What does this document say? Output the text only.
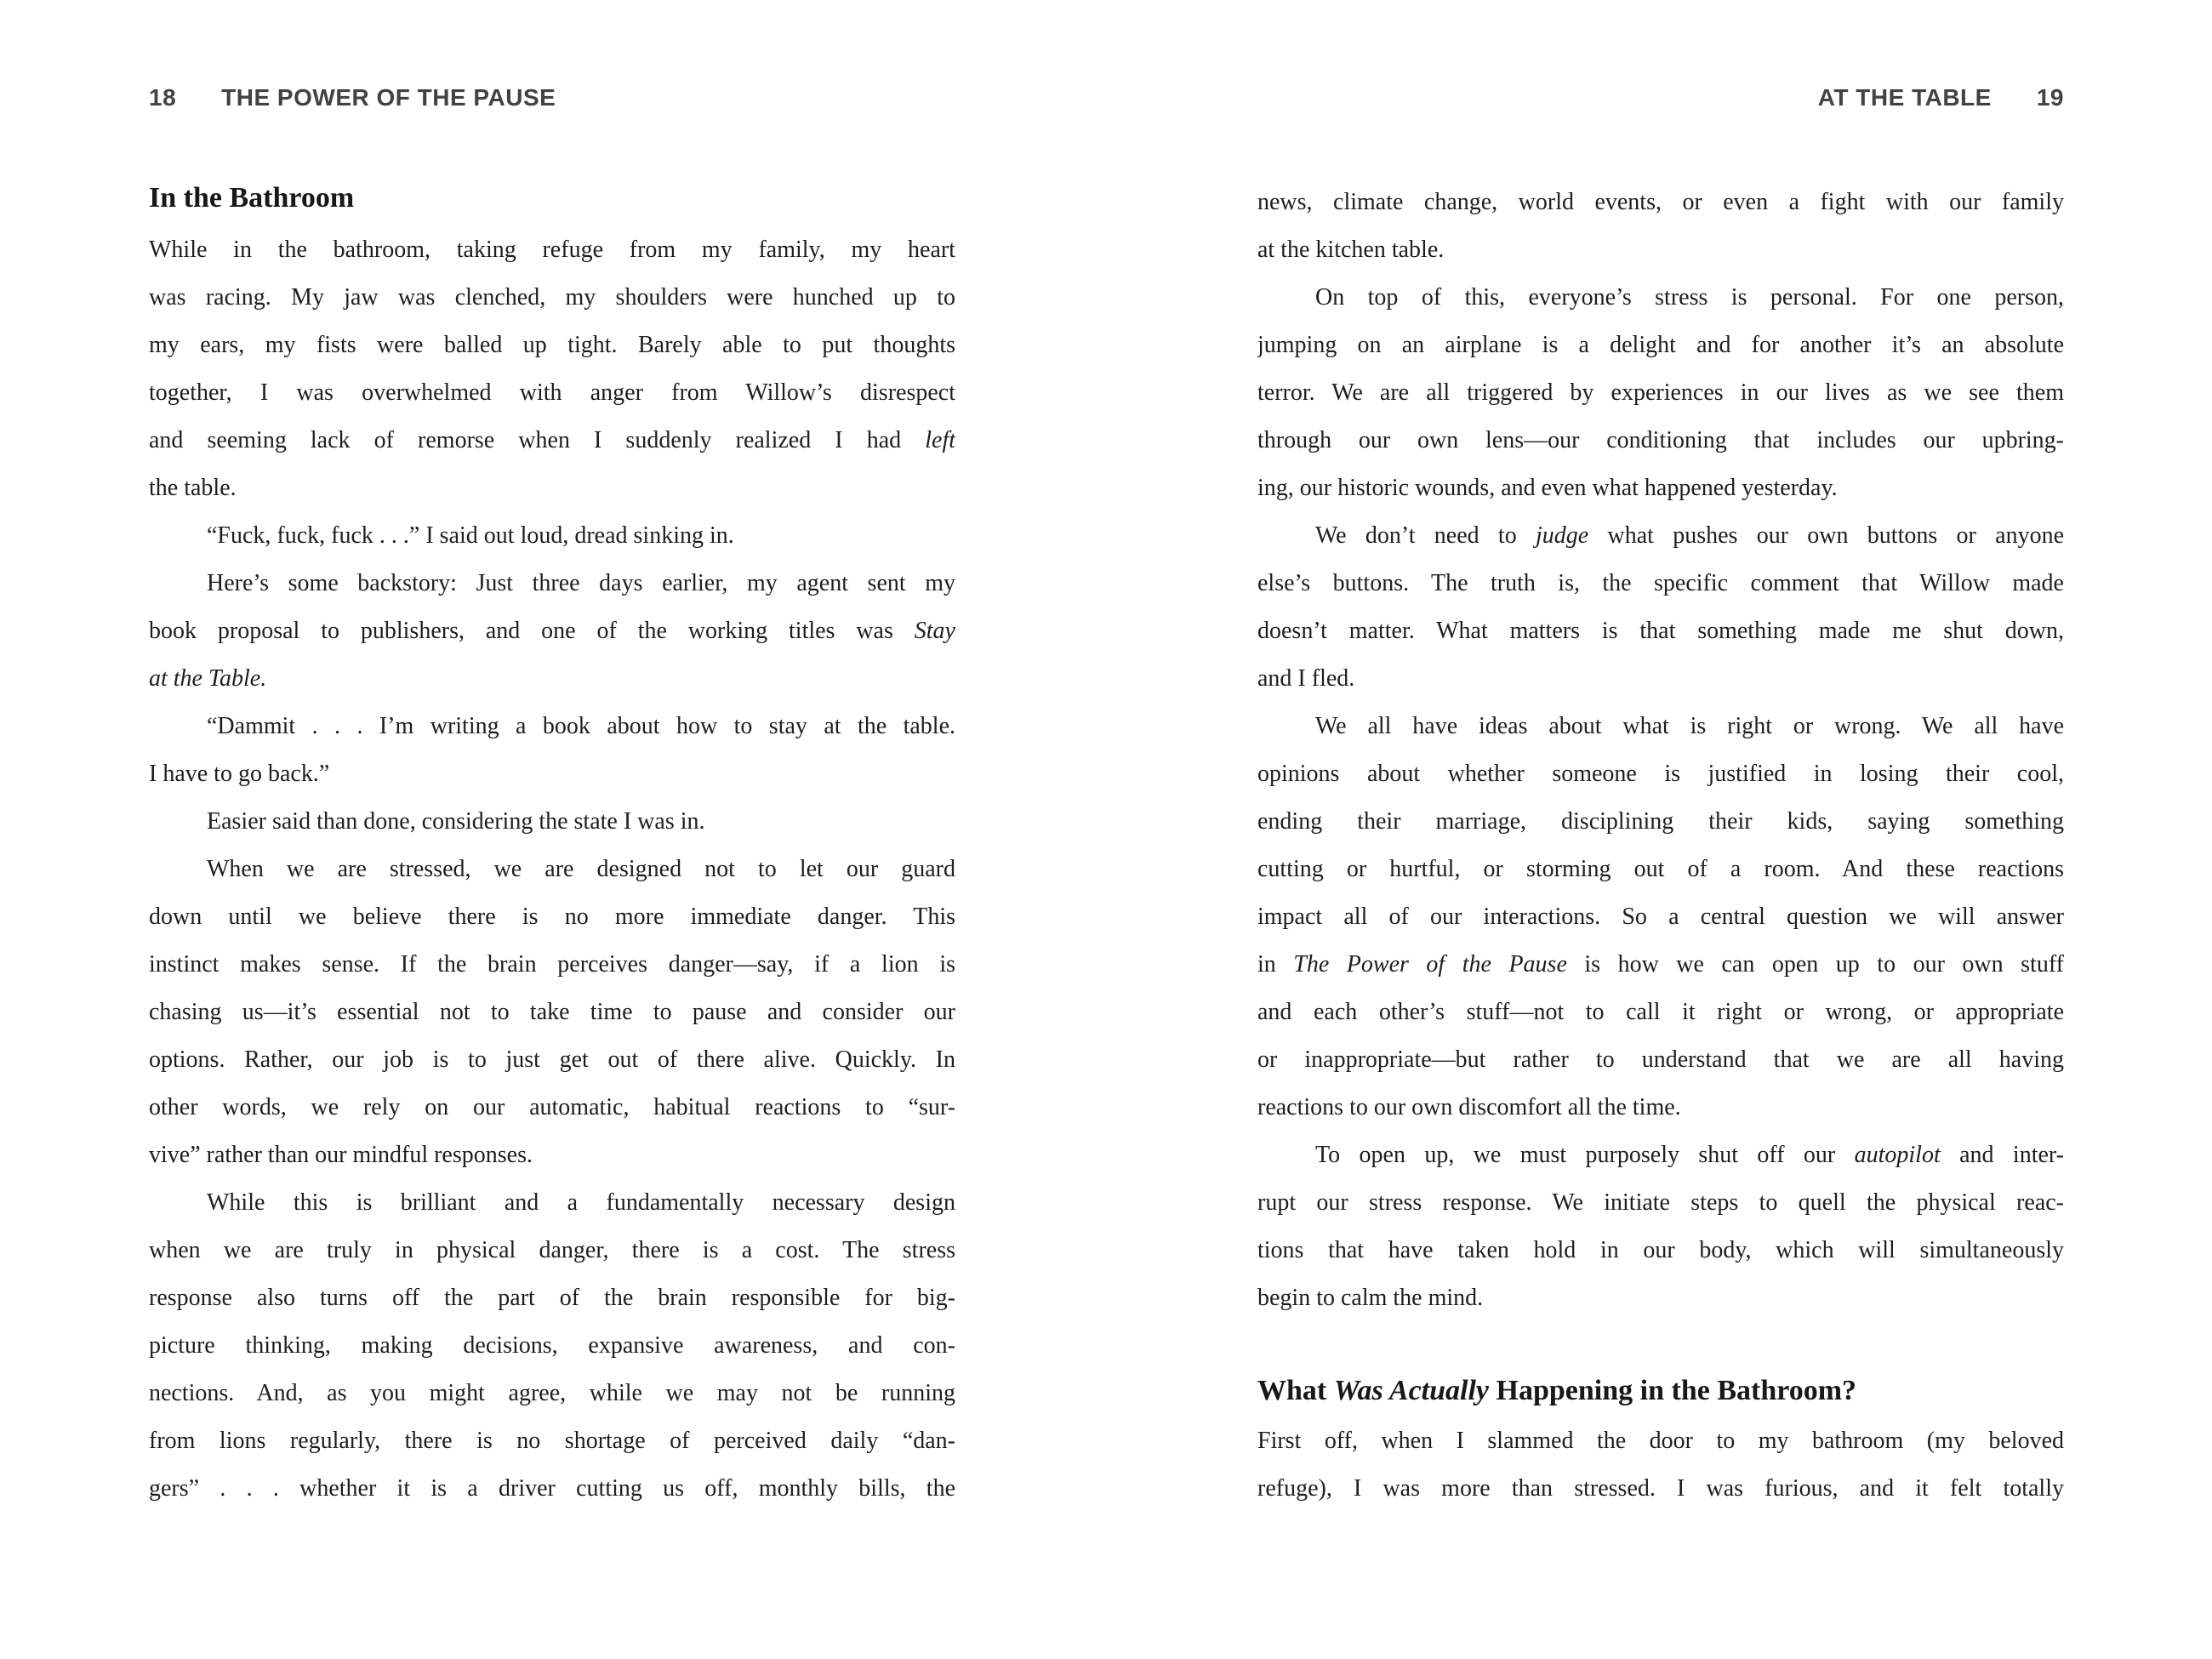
18 THE POWER OF THE PAUSE
In the Bathroom
While in the bathroom, taking refuge from my family, my heart
was racing. My jaw was clenched, my shoulders were hunched up to
my ears, my fists were balled up tight. Barely able to put thoughts
together, I was overwhelmed with anger from Willow’s disrespect
and seeming lack of remorse when I suddenly realized I had left
the table.
“Fuck, fuck, fuck . . .” I said out loud, dread sinking in.
Here’s some backstory: Just three days earlier, my agent sent my
book proposal to publishers, and one of the working titles was Stay
at the Table.
“Dammit . . . I’m writing a book about how to stay at the table.
I have to go back.”
Easier said than done, considering the state I was in.
When we are stressed, we are designed not to let our guard
down until we believe there is no more immediate danger. This
instinct makes sense. If the brain perceives danger—say, if a lion is
chasing us—it’s essential not to take time to pause and consider our
options. Rather, our job is to just get out of there alive. Quickly. In
other words, we rely on our automatic, habitual reactions to “sur-
vive” rather than our mindful responses.
While this is brilliant and a fundamentally necessary design
when we are truly in physical danger, there is a cost. The stress
response also turns off the part of the brain responsible for big-
picture thinking, making decisions, expansive awareness, and con-
nections. And, as you might agree, while we may not be running
from lions regularly, there is no shortage of perceived daily “dan-
gers” . . . whether it is a driver cutting us off, monthly bills, the
AT THE TABLE 19
news, climate change, world events, or even a fight with our family
at the kitchen table.
On top of this, everyone’s stress is personal. For one person,
jumping on an airplane is a delight and for another it’s an absolute
terror. We are all triggered by experiences in our lives as we see them
through our own lens—our conditioning that includes our upbring-
ing, our historic wounds, and even what happened yesterday.
We don’t need to judge what pushes our own buttons or anyone
else’s buttons. The truth is, the specific comment that Willow made
doesn’t matter. What matters is that something made me shut down,
and I fled.
We all have ideas about what is right or wrong. We all have
opinions about whether someone is justified in losing their cool,
ending their marriage, disciplining their kids, saying something
cutting or hurtful, or storming out of a room. And these reactions
impact all of our interactions. So a central question we will answer
in The Power of the Pause is how we can open up to our own stuff
and each other’s stuff—not to call it right or wrong, or appropriate
or inappropriate—but rather to understand that we are all having
reactions to our own discomfort all the time.
To open up, we must purposely shut off our autopilot and inter-
rupt our stress response. We initiate steps to quell the physical reac-
tions that have taken hold in our body, which will simultaneously
begin to calm the mind.
What Was Actually Happening in the Bathroom?
First off, when I slammed the door to my bathroom (my beloved
refuge), I was more than stressed. I was furious, and it felt totally
